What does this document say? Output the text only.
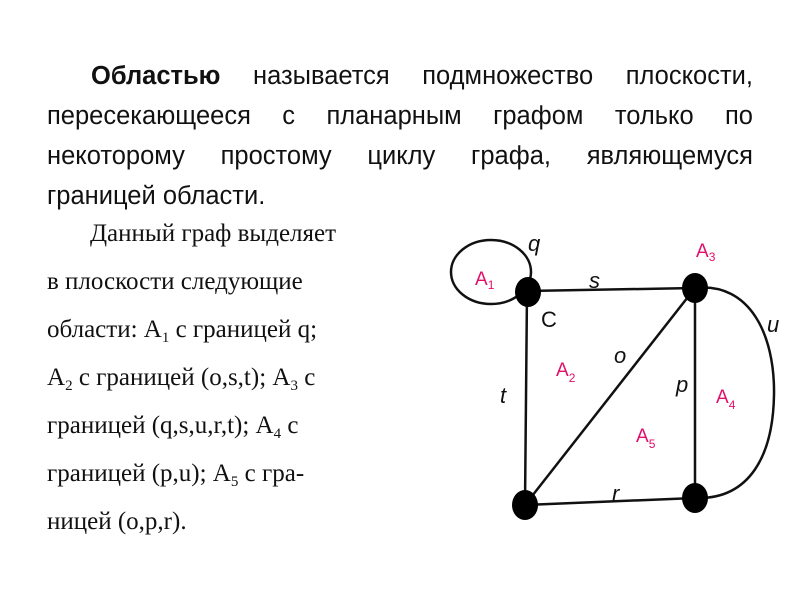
Областью называется подмножество плоскости, пересекающееся с планарным графом только по некоторому простому циклу графа, являющемуся границей области.
Данный граф выделяет
в плоскости следующие
области: $A_1$ с границей q;
$A_2$ с границей (o,s,t); $A_3$ с
границей (q,s,u,r,t); $A_4$ с
границей (p,u); $A_5$ с гра-
ницей (o,p,r).
q
s
u
o
t	p
r
C
$A_1$
$A_2$
$A_3$
$A_4$
$A_5$
